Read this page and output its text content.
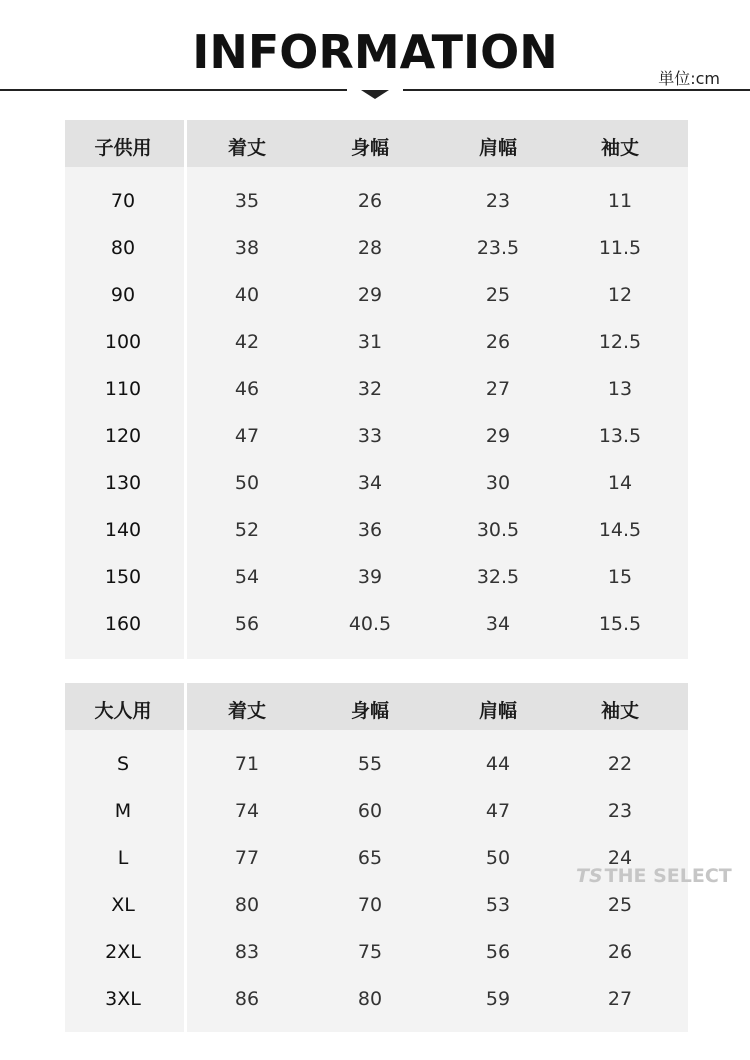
INFORMATION	単位:cm
子供用	着丈	身幅	肩幅	袖丈
70	35	26	23	11
80	38	28	23.5	11.5
90	40	29	25	12
100	42	31	26	12.5
110	46	32	27	13
120	47	33	29	13.5
130	50	34	30	14
140	52	36	30.5	14.5
150	54	39	32.5	15
160	56	40.5	34	15.5
大人用	着丈	身幅	肩幅	袖丈
S	71	55	44	22
M	74	60	47	23
L	77	65	50	24
XL	80	70	53	25
2XL	83	75	56	26
3XL	86	80	59	27
TS THE SELECT
